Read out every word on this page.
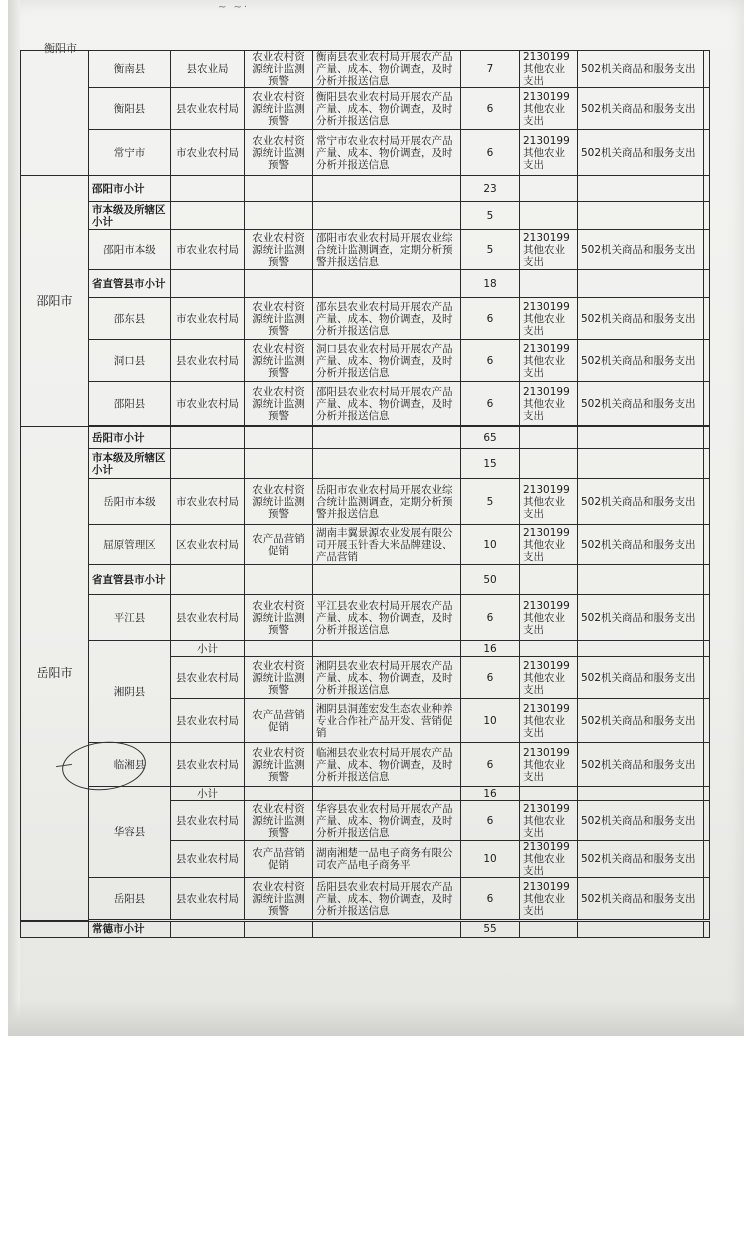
~ ~·
衡阳市
	衡南县	县农业局	农业农村资源统计监测预警	衡南县农业农村局开展农产品产量、成本、物价调查，及时分析并报送信息	7	2130199其他农业支出	502机关商品和服务支出	
	衡阳县	县农业农村局	农业农村资源统计监测预警	衡阳县农业农村局开展农产品产量、成本、物价调查，及时分析并报送信息	6	2130199其他农业支出	502机关商品和服务支出	
	常宁市	市农业农村局	农业农村资源统计监测预警	常宁市农业农村局开展农产品产量、成本、物价调查，及时分析并报送信息	6	2130199其他农业支出	502机关商品和服务支出	
邵阳市	邵阳市小计				23			
	市本级及所辖区小计				5			
	邵阳市本级	市农业农村局	农业农村资源统计监测预警	邵阳市农业农村局开展农业综合统计监测调查，定期分析预警并报送信息	5	2130199其他农业支出	502机关商品和服务支出	
	省直管县市小计				18			
	邵东县	市农业农村局	农业农村资源统计监测预警	邵东县农业农村局开展农产品产量、成本、物价调查，及时分析并报送信息	6	2130199其他农业支出	502机关商品和服务支出	
	洞口县	县农业农村局	农业农村资源统计监测预警	洞口县农业农村局开展农产品产量、成本、物价调查，及时分析并报送信息	6	2130199其他农业支出	502机关商品和服务支出	
	邵阳县	市农业农村局	农业农村资源统计监测预警	邵阳县农业农村局开展农产品产量、成本、物价调查，及时分析并报送信息	6	2130199其他农业支出	502机关商品和服务支出	

岳阳市	岳阳市小计				65			
	市本级及所辖区小计				15			
	岳阳市本级	市农业农村局	农业农村资源统计监测预警	岳阳市农业农村局开展农业综合统计监测调查，定期分析预警并报送信息	5	2130199其他农业支出	502机关商品和服务支出	
	屈原管理区	区农业农村局	农产品营销促销	湖南丰翼景源农业发展有限公司开展玉针香大米品牌建设、产品营销	10	2130199其他农业支出	502机关商品和服务支出	
	省直管县市小计				50			
	平江县	县农业农村局	农业农村资源统计监测预警	平江县农业农村局开展农产品产量、成本、物价调查，及时分析并报送信息	6	2130199其他农业支出	502机关商品和服务支出	
	湘阴县	小计			16			
		县农业农村局	农业农村资源统计监测预警	湘阴县农业农村局开展农产品产量、成本、物价调查，及时分析并报送信息	6	2130199其他农业支出	502机关商品和服务支出	
		县农业农村局	农产品营销促销	湘阴县洞莲宏发生态农业种养专业合作社产品开发、营销促销	10	2130199其他农业支出	502机关商品和服务支出	
	临湘县	县农业农村局	农业农村资源统计监测预警	临湘县农业农村局开展农产品产量、成本、物价调查，及时分析并报送信息	6	2130199其他农业支出	502机关商品和服务支出	
	华容县	小计			16			
		县农业农村局	农业农村资源统计监测预警	华容县农业农村局开展农产品产量、成本、物价调查，及时分析并报送信息	6	2130199其他农业支出	502机关商品和服务支出	
		县农业农村局	农产品营销促销	湖南湘楚一品电子商务有限公司农产品电子商务平	10	2130199其他农业支出	502机关商品和服务支出	
	岳阳县	县农业农村局	农业农村资源统计监测预警	岳阳县农业农村局开展农产品产量、成本、物价调查，及时分析并报送信息	6	2130199其他农业支出	502机关商品和服务支出	

	常德市小计				55			
